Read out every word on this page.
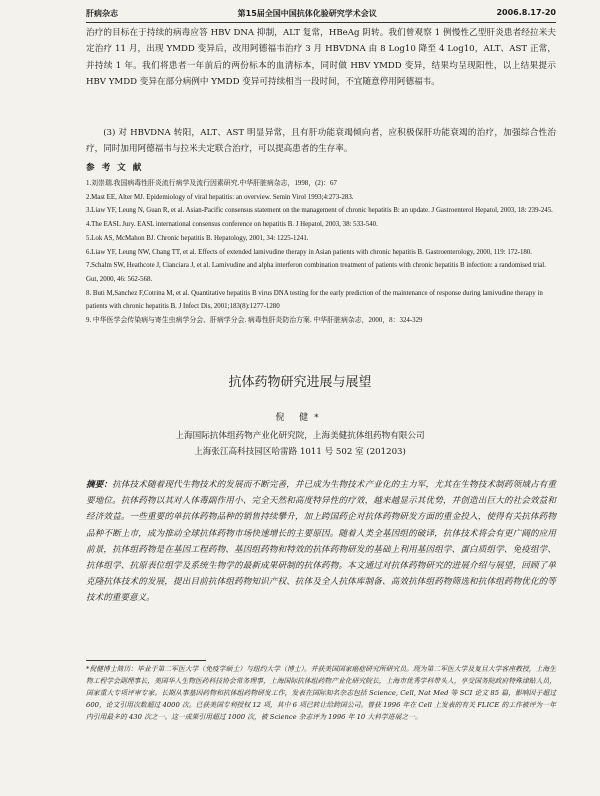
肝病杂志	第15届全国中国抗体化验研究学术会议	2006.8.17-20
治疗的目标在于持续的病毒应答 HBV DNA 抑制，ALT 复常，HBeAg 阴转。我们曾观察 1 例慢性乙型肝炎患者经拉米夫定治疗 11 月，出现 YMDD 变异后，改用阿德福韦治疗 3 月 HBVDNA 由 8 Log10 降至 4 Log10，ALT、AST 正常，并持续 1 年。我们将患者一年前后的两份标本的血清标本，同时做 HBV YMDD 变异，结果均呈现阳性，以上结果提示 HBV YMDD 变异在部分病例中 YMDD 变异可持续相当一段时间，不宜随意停用阿德福韦。
(3) 对 HBVDNA 转阳，ALT、AST 明显异常，且有肝功能衰竭倾向者，应积极保肝功能衰竭的治疗，加强综合性治疗，同时加用阿德福韦与拉米夫定联合治疗，可以提高患者的生存率。
参 考 文 献
1.刘崇瑞.我国病毒性肝炎流行病学及流行因素研究.中华肝脏病杂志，1998，(2)：67
2.Mast EE, Alter MJ. Epidemiology of viral hepatitis: an overview. Semin Virol 1993;4:273-283.
3.Liaw YF, Leung N, Guan R, et al. Asian-Pacific consensus statement on the management of chronic hepatitis B: an update. J Gastroenterol Hepatol, 2003, 18: 239-245.
4.The EASL Jury. EASL international consensus conference on hepatitis B. J Hepatol, 2003, 38: 533-540.
5.Lok AS, McMahon BJ. Chronic hepatitis B. Hepatology, 2001, 34: 1225-1241.
6.Liaw YF, Leung NW, Chang TT, et al. Effects of extended lamivudine therapy in Asian patients with chronic hepatitis B. Gastroenterology, 2000, 119: 172-180.
7.Schalm SW, Heathcote J, Cianciara J, et al. Lamivudine and alpha interferon combination treatment of patients with chronic hepatitis B infection: a randomised trial. Gut, 2000, 46: 562-568.
8. Buti M,Sanchez F,Cotrina M, et al. Quantitative hepatitis B virus DNA testing for the early prediction of the maintenance of response during lamivudine therapy in patients with chronic hepatitis B. J Infect Dis, 2001;183(8):1277-1280
9. 中华医学会传染病与寄生虫病学分会、肝病学分会. 病毒性肝炎防治方案. 中华肝脏病杂志，2000，8：324-329
抗体药物研究进展与展望
倪 健*
上海国际抗体组药物产业化研究院，上海美健抗体组药物有限公司
上海张江高科技园区哈雷路 1011 号 502 室 (201203)
摘要：抗体技术随着现代生物技术的发展而不断完善，并已成为生物技术产业化的主力军，尤其在生物技术制药领域占有重要地位。抗体药物以其对人体毒副作用小、完全天然和高度特异性的疗效，越来越显示其优势，并创造出巨大的社会效益和经济效益。一些重要的单抗体药物品种的销售持续攀升，加上跨国药企对抗体药物研发方面的重金投入，使得有关抗体药物品种不断上市，成为推动全球抗体药物市场快速增长的主要原因。随着人类全基因组的破译，抗体技术将会有更广阔的应用前景，抗体组药物是在基因工程药物、基因组药物和特效的抗体药物研发的基础上利用基因组学、蛋白质组学、免疫组学、抗体组学、抗原表位组学及系统生物学的最新成果研制的抗体药物。本文通过对抗体药物研究的进展介绍与展望，回顾了单克隆抗体技术的发展，提出目前抗体组药物知识产权、抗体及全人抗体库制备、高效抗体组药物筛选和抗体组药物优化的等技术的重要意义。
*倪健博士简历：毕业于第二军医大学（免疫学硕士）与纽约大学（博士）。并获美国国家癌症研究所研究员。现为第二军医大学及复旦大学客座教授，上海生物工程学会副理事长，美国华人生物医药科技协会常务理事，上海国际抗体组药物产业化研究院长，上海市优秀学科带头人，享受国务院政府特殊津贴人员，国家重大专项评审专家。长期从事基因药物和抗体组药物研发工作，发表在国际知名杂志包括 Science, Cell, Nat Med 等 SCI 论文 85 篇，影响因子超过 600，论文引用次数超过 4000 次。已获美国专利授权 12 项，其中 6 项已转让给跨国公司。曾获 1996 年在 Cell 上发表的有关 FLICE 的工作被评为一年内引用最多的 430 次之一。这一成果引用超过 1000 次，被 Science 杂志评为 1996 年 10 大科学进展之一。
